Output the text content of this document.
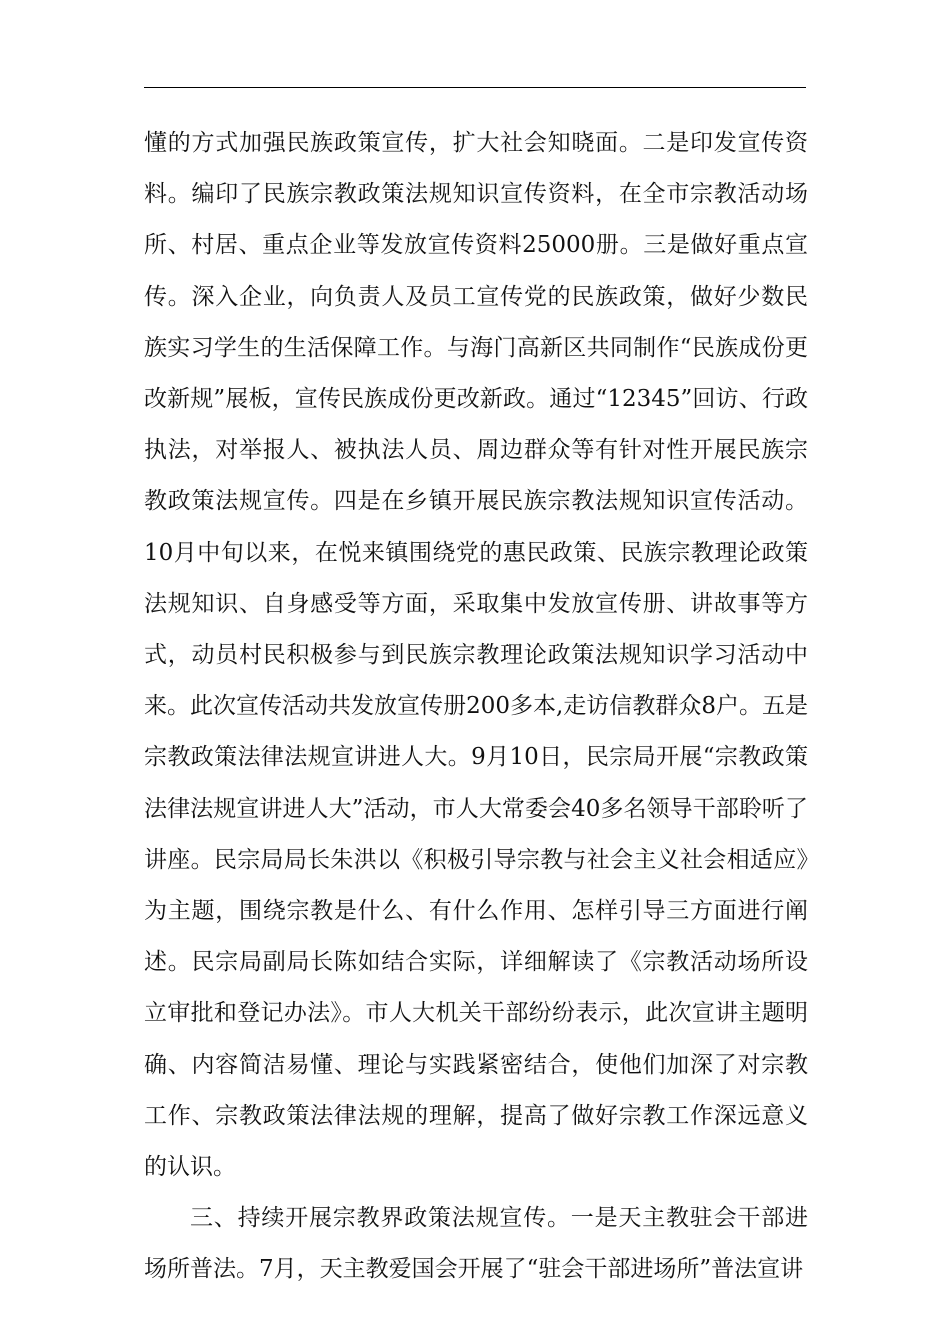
懂的方式加强民族政策宣传，扩大社会知晓面。二是印发宣传资料。编印了民族宗教政策法规知识宣传资料，在全市宗教活动场所、村居、重点企业等发放宣传资料25000册。三是做好重点宣传。深入企业，向负责人及员工宣传党的民族政策，做好少数民族实习学生的生活保障工作。与海门高新区共同制作“民族成份更改新规”展板，宣传民族成份更改新政。通过“12345”回访、行政执法，对举报人、被执法人员、周边群众等有针对性开展民族宗教政策法规宣传。四是在乡镇开展民族宗教法规知识宣传活动。10月中旬以来，在悦来镇围绕党的惠民政策、民族宗教理论政策法规知识、自身感受等方面，采取集中发放宣传册、讲故事等方式，动员村民积极参与到民族宗教理论政策法规知识学习活动中来。此次宣传活动共发放宣传册200多本,走访信教群众8户。五是宗教政策法律法规宣讲进人大。9月10日，民宗局开展“宗教政策法律法规宣讲进人大”活动，市人大常委会40多名领导干部聆听了讲座。民宗局局长朱洪以《积极引导宗教与社会主义社会相适应》为主题，围绕宗教是什么、有什么作用、怎样引导三方面进行阐述。民宗局副局长陈如结合实际，详细解读了《宗教活动场所设立审批和登记办法》。市人大机关干部纷纷表示，此次宣讲主题明确、内容简洁易懂、理论与实践紧密结合，使他们加深了对宗教工作、宗教政策法律法规的理解，提高了做好宗教工作深远意义的认识。

三、持续开展宗教界政策法规宣传。一是天主教驻会干部进场所普法。7月，天主教爱国会开展了“驻会干部进场所”普法宣讲
